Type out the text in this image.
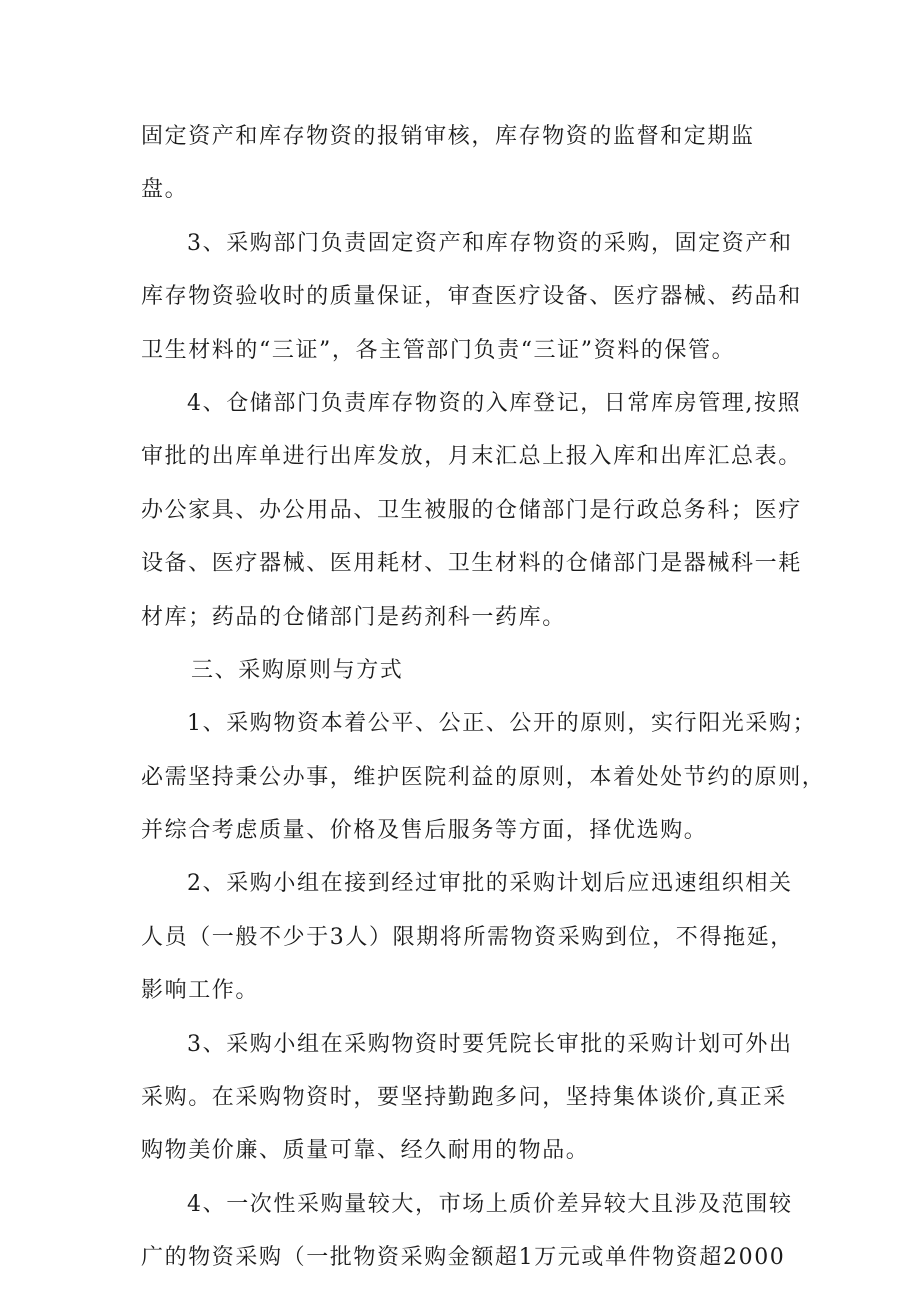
固定资产和库存物资的报销审核，库存物资的监督和定期监
盘。
3、采购部门负责固定资产和库存物资的采购，固定资产和
库存物资验收时的质量保证，审查医疗设备、医疗器械、药品和
卫生材料的“三证”，各主管部门负责“三证”资料的保管。
4、仓储部门负责库存物资的入库登记，日常库房管理,按照
审批的出库单进行出库发放，月末汇总上报入库和出库汇总表。
办公家具、办公用品、卫生被服的仓储部门是行政总务科；医疗
设备、医疗器械、医用耗材、卫生材料的仓储部门是器械科一耗
材库；药品的仓储部门是药剂科一药库。
三、采购原则与方式
1、采购物资本着公平、公正、公开的原则，实行阳光采购；
必需坚持秉公办事，维护医院利益的原则，本着处处节约的原则，
并综合考虑质量、价格及售后服务等方面，择优选购。
2、采购小组在接到经过审批的采购计划后应迅速组织相关
人员（一般不少于3人）限期将所需物资采购到位，不得拖延，
影响工作。
3、采购小组在采购物资时要凭院长审批的采购计划可外出
采购。在采购物资时，要坚持勤跑多问，坚持集体谈价,真正采
购物美价廉、质量可靠、经久耐用的物品。
4、一次性采购量较大，市场上质价差异较大且涉及范围较
广的物资采购（一批物资采购金额超1万元或单件物资超2000
